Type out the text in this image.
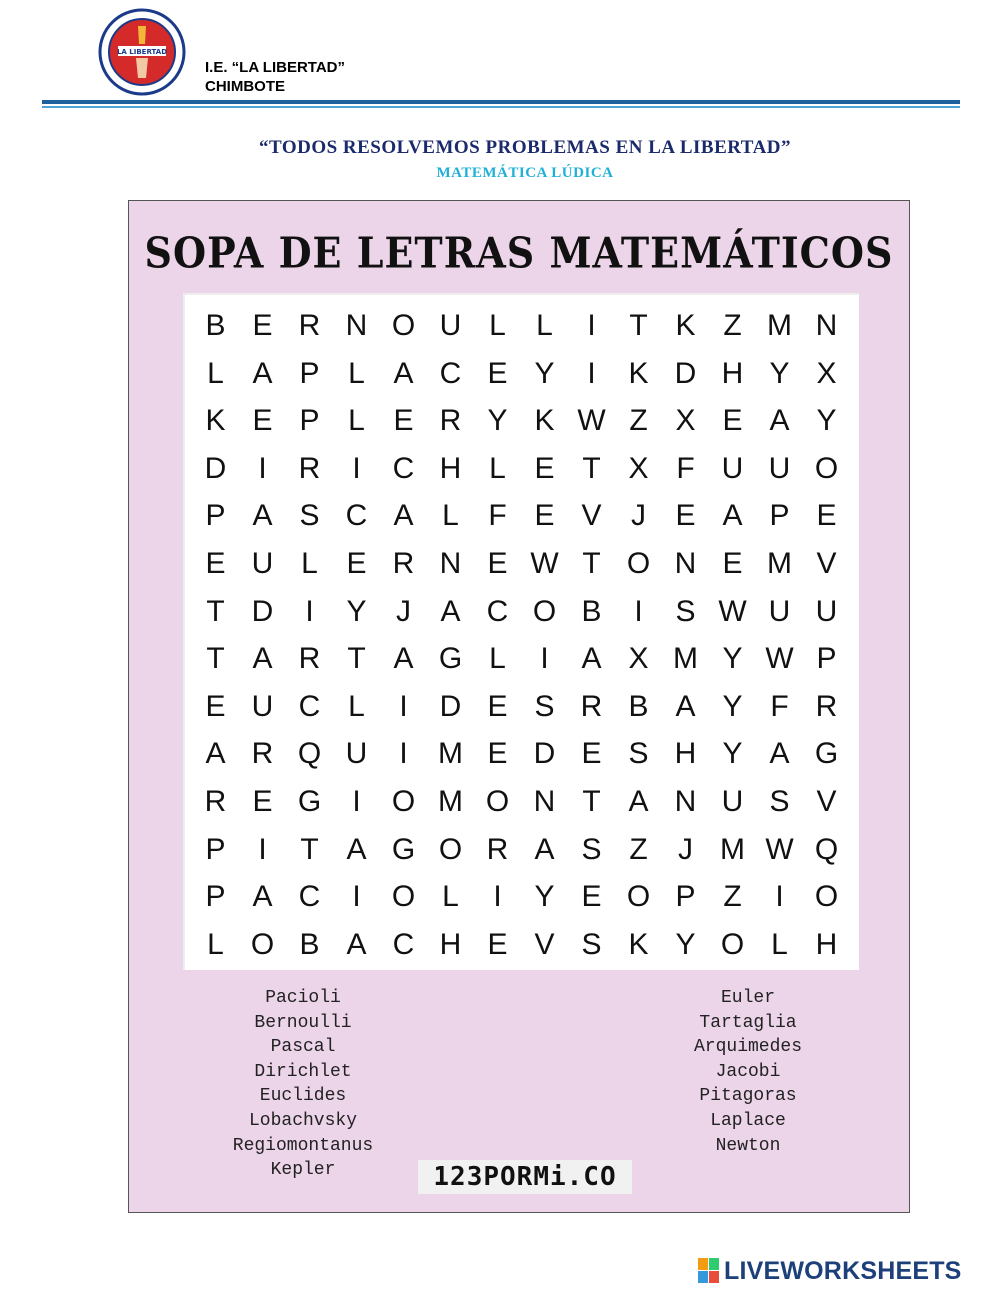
LA LIBERTAD
I.E. “LA LIBERTAD”
CHIMBOTE
“TODOS RESOLVEMOS PROBLEMAS EN LA LIBERTAD”
MATEMÁTICA LÚDICA
SOPA DE LETRAS MATEMÁTICOS
B E R N O U L	L	I	T K Z M N
L A P L A C E Y	I	K D H Y X
K E P L E R Y K W Z X E A Y
D	I	R	I	C H L E T X F U U O
P A S C A L F E V J E A P E
E U L E R N E W T O N E M V
T D	I	Y J A C O B	I	S W U U
T A R T A G L	I	A X M Y W P
E U C L	I	D E S R B A Y F R
A R Q U	I	M E D E S H Y A G
R E G	I	O M O N T A N U S V
P	I	T A G O R A S Z	J M W Q
P A C	I	O L	I	Y E O P Z	I	O
L O B A C H E V S K Y O L H
Pacioli
Bernoulli
Pascal
Dirichlet
Euclides
Lobachvsky
Regiomontanus
Kepler
Euler
Tartaglia
Arquimedes
Jacobi
Pitagoras
Laplace
Newton
123PORMi.CO
LIVEWORKSHEETS
